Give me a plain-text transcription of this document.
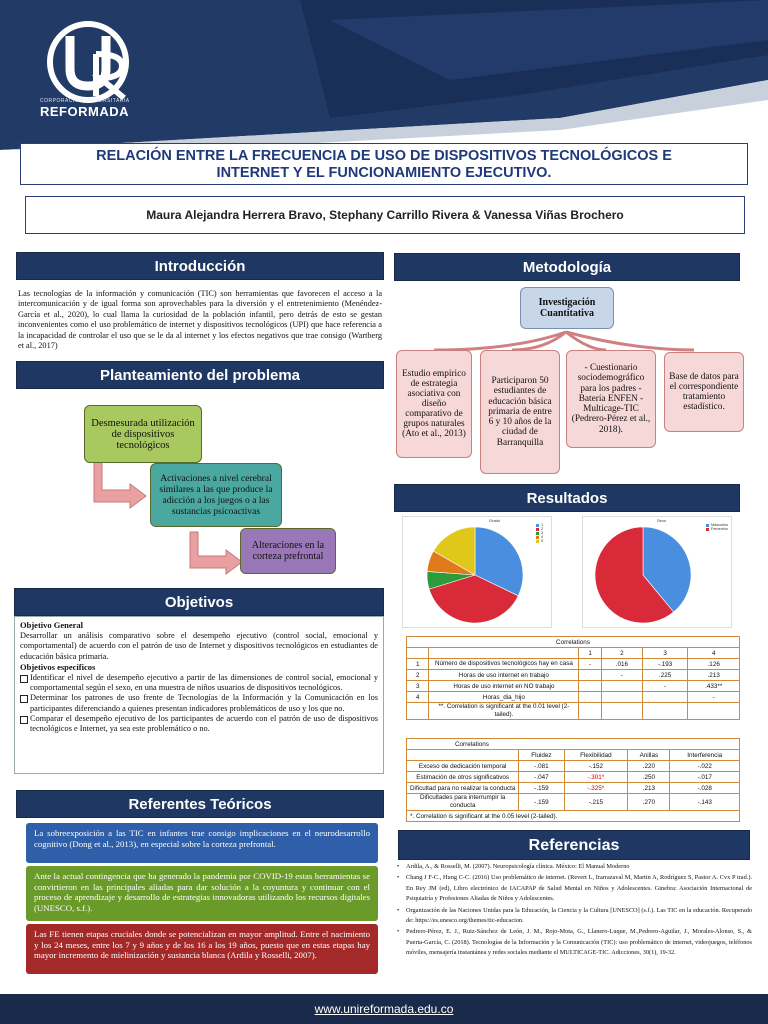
CORPORACIÓN UNIVERSITARIA
REFORMADA
RELACIÓN ENTRE LA FRECUENCIA DE USO DE DISPOSITIVOS TECNOLÓGICOS E
INTERNET Y EL FUNCIONAMIENTO EJECUTIVO.
Maura Alejandra Herrera Bravo, Stephany Carrillo Rivera & Vanessa Viñas Brochero
Introducción
Las tecnologías de la información y comunicación (TIC) son herramientas que favorecen el acceso a la intercomunicación y de igual forma son aprovechables para la diversión y el entretenimiento (Menéndez-García et al., 2020), lo cual llama la curiosidad de la población infantil, pero detrás de esto se gestan inconvenientes como el uso problemático de internet y dispositivos tecnológicos (UPI) que hace referencia a la incapacidad de controlar el uso que se le da al internet y los efectos negativos que trae consigo (Wartberg et al., 2017)
Planteamiento del problema
Desmesurada utilización de dispositivos tecnológicos
Activaciones a nivel cerebral similares a las que produce la adicción a los juegos o a las sustancias psicoactivas
Alteraciones en la corteza prefrontal
Objetivos
Objetivo General
Desarrollar un análisis comparativo sobre el desempeño ejecutivo (control social, emocional y comportamental) de acuerdo con el patrón de uso de Internet y dispositivos tecnológicos en estudiantes de educación básica primaria.
Objetivos específicos
Identificar el nivel de desempeño ejecutivo a partir de las dimensiones de control social, emocional y comportamental según el sexo, en una muestra de niños usuarios de dispositivos tecnológicos.
Determinar los patrones de uso frente de Tecnologías de la Información y la Comunicación en los participantes diferenciando a quienes presentan indicadores problemáticos de uso y los que no.
Comparar el desempeño ejecutivo de los participantes de acuerdo con el patrón de uso de dispositivos tecnológicos e Internet, ya sea este problemático o no.
Referentes Teóricos
La sobreexposición a las TIC en infantes trae consigo implicaciones en el neurodesarrollo cognitivo (Dong et al., 2013), en especial sobre la corteza prefrontal.
Ante la actual contingencia que ha generado la pandemia por COVID-19 estas herramientas se convirtieron en las principales aliadas para dar solución a la coyuntura y continuar con el proceso de aprendizaje y desarrollo de estrategias innovadoras utilizando los recursos digitales (UNESCO, s.f.).
Las FE tienen etapas cruciales donde se potencializan en mayor amplitud. Entre el nacimiento y los 24 meses, entre los 7 y 9 años y de los 16 a los 19 años, puesto que en estas etapas hay mayor incremento de mielinización y sustancia blanca (Ardila y Rosselli, 2007).
Metodología
Investigación Cuantitativa
Estudio empírico de estrategia asociativa con diseño comparativo de grupos naturales (Ato et al., 2013)
Participaron 50 estudiantes de educación básica primaria de entre 6 y 10 años de la ciudad de Barranquilla
- Cuestionario sociodemográfico para los padres -Batería ENFEN - Multicage-TIC (Pedrero-Pérez et al., 2018).
Base de datos para el correspondiente tratamiento estadístico.
Resultados
Grado
1
2
3
4
5
Sexo
Masculino
Femenino
Correlations					
		1	2	3	4
1	Número de dispositivos tecnológicos hay en casa	-	.016	-.193	.126
2	Horas de uso internet en trabajo		-	.225	.213
3	Horas de uso internet en NO trabajo			-	.433**
4	Horas_dia_hijo				-
	**. Correlation is significant at the 0.01 level (2-tailed).				
Correlations				
	Fluidez	Flexibilidad	Anillas	Interferencia
Exceso de dedicación temporal	-.081	-.152	.220	-.022
Estimación de otros significativos	-.047	-.301*	.250	-.017
Dificultad para no realizar la conducta	-.159	-.325*	.213	-.028
Dificultades para interrumpir la conducta	-.159	-.215	.270	-.143
*. Correlation is significant at the 0.05 level (2-tailed).				
Referencias
• Ardila, A., & Rosselli, M. (2007). Neuropsicología clínica. México: El Manual Moderno
• Chang J F-C., Hung C-C. (2016) Uso problemático de internet. (Revert L, Irarrazaval M, Martin A, Rodríguez S, Pastor A. Cvx P trad.). En Rey JM (ed), Libro electrónico de IACAPAP de Salud Mental en Niños y Adolescentes. Ginebra: Asociación Internacional de Psiquiatría y Profesiones Aliadas de Niños y Adolescentes.
• Organización de las Naciones Unidas para la Educación, la Ciencia y la Cultura [UNESCO] (s.f.). Las TIC en la educación. Recuperado de: https://es.unesco.org/themes/tic-educacion.
• Pedrero-Pérez, E. J., Ruiz-Sánchez de León, J. M., Rojo-Mota, G., Llanero-Luque, M.,Pedrero-Aguilar, J., Morales-Alonso, S., & Puerta-García, C. (2018). Tecnologías de la Información y la Comunicación (TIC): uso problemático de internet, videojuegos, teléfonos móviles, mensajería instantánea y redes sociales mediante el MULTICAGE-TIC. Adicciones, 30(1), 19-32.
www.unireformada.edu.co
